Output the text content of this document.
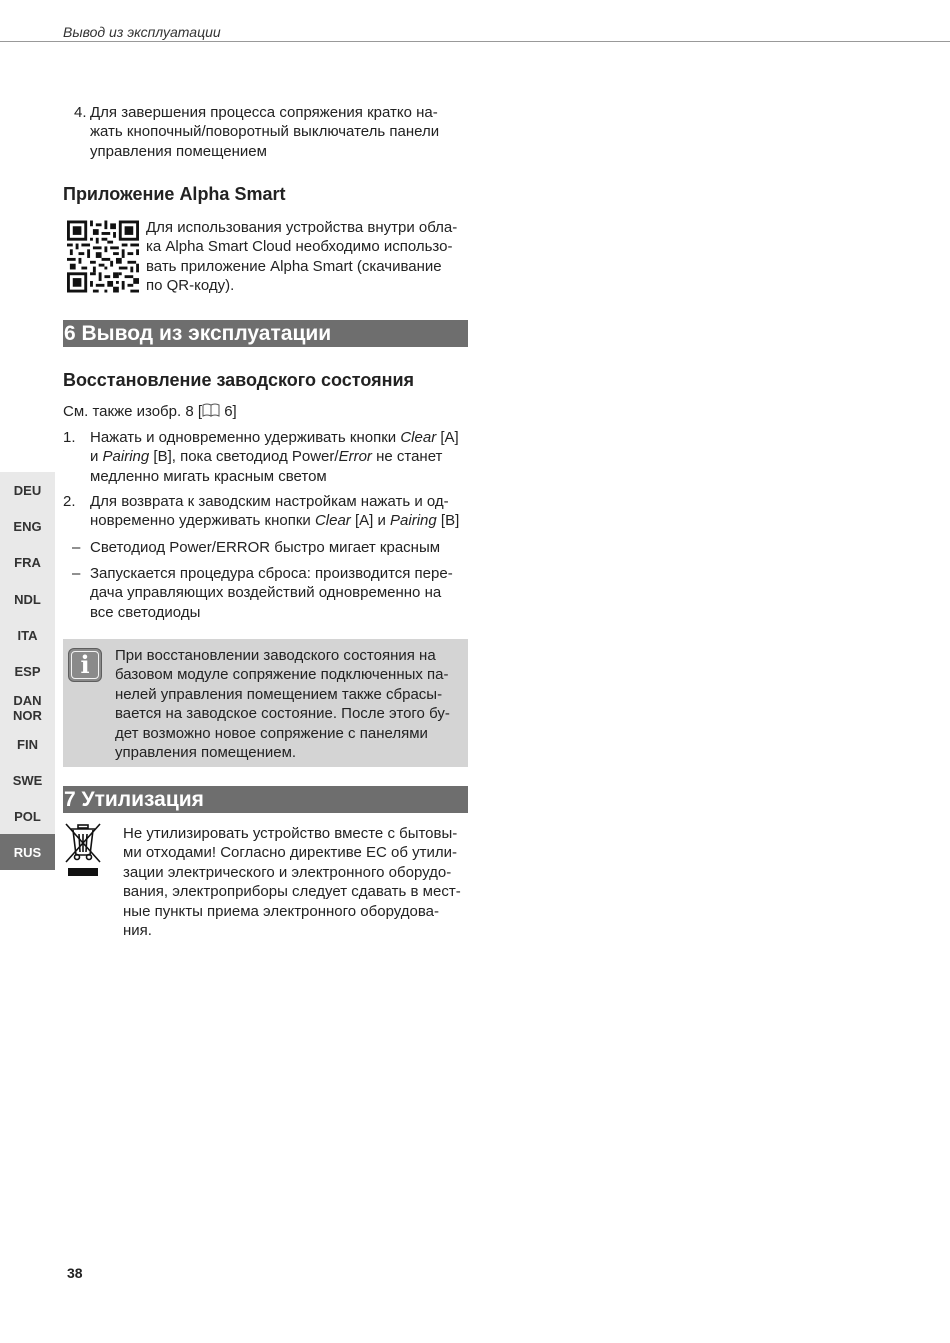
Вывод из эксплуатации
4. Для завершения процесса сопряжения кратко на-
жать кнопочный/поворотный выключатель панели
управления помещением
Приложение Alpha Smart
Для использования устройства внутри обла-
ка Alpha Smart Cloud необходимо использо-
вать приложение Alpha Smart (скачивание
по QR-коду).
6 Вывод из эксплуатации
Восстановление заводского состояния
См. также изобр. 8 [ 6]
1. Нажать и одновременно удерживать кнопки Clear [A]
и Pairing [B], пока светодиод Power/Error не станет
медленно мигать красным светом
2. Для возврата к заводским настройкам нажать и од-
новременно удерживать кнопки Clear [A] и Pairing [B]
– Светодиод Power/ERROR быстро мигает красным
– Запускается процедура сброса: производится пере-
дача управляющих воздействий одновременно на
все светодиоды
i	При восстановлении заводского состояния на
базовом модуле сопряжение подключенных па-
нелей управления помещением также сбрасы-
вается на заводское состояние. После этого бу-
дет возможно новое сопряжение с панелями
управления помещением.
7 Утилизация
Не утилизировать устройство вместе с бытовы-
ми отходами! Согласно директиве ЕС об утили-
зации электрического и электронного оборудо-
вания, электроприборы следует сдавать в мест-
ные пункты приема электронного оборудова-
ния.
DEU
ENG
FRA
NDL
ITA
ESP
DAN
NOR
FIN
SWE
POL
RUS
38
